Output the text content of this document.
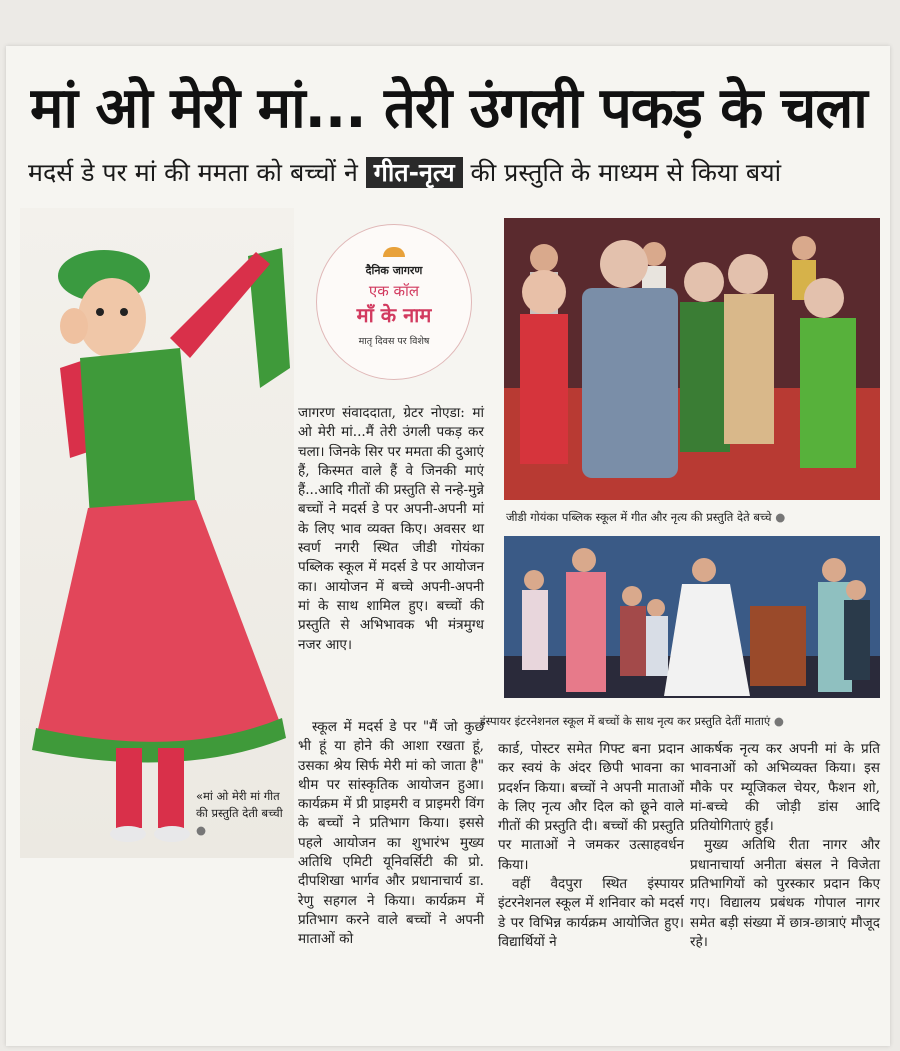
मां ओ मेरी मां... तेरी उंगली पकड़ के चला
मदर्स डे पर मां की ममता को बच्चों ने गीत-नृत्य की प्रस्तुति के माध्यम से किया बयां
«मां ओ मेरी मां गीत की प्रस्तुति देती बच्ची ●
दैनिक जागरण
एक कॉल
माँ के नाम
मातृ दिवस पर विशेष

जागरण संवाददाता, ग्रेटर नोएडा: मां ओ मेरी मां...मैं तेरी उंगली पकड़ कर चला। जिनके सिर पर ममता की दुआएं हैं, किस्मत वाले हैं वे जिनकी माएं हैं...आदि गीतों की प्रस्तुति से नन्हे-मुन्ने बच्चों ने मदर्स डे पर अपनी-अपनी मां के लिए भाव व्यक्त किए। अवसर था स्वर्ण नगरी स्थित जीडी गोयंका पब्लिक स्कूल में मदर्स डे पर आयोजन का। आयोजन में बच्चे अपनी-अपनी मां के साथ शामिल हुए। बच्चों की प्रस्तुति से अभिभावक भी मंत्रमुग्ध नजर आए।

स्कूल में मदर्स डे पर "मैं जो कुछ भी हूं या होने की आशा रखता हूं, उसका श्रेय सिर्फ मेरी मां को जाता है" थीम पर सांस्कृतिक आयोजन हुआ। कार्यक्रम में प्री प्राइमरी व प्राइमरी विंग के बच्चों ने प्रतिभाग किया। इससे पहले आयोजन का शुभारंभ मुख्य अतिथि एमिटी यूनिवर्सिटी की प्रो. दीपशिखा भार्गव और प्रधानाचार्य डा. रेणु सहगल ने किया। कार्यक्रम में प्रतिभाग करने वाले बच्चों ने अपनी माताओं को

कार्ड, पोस्टर समेत गिफ्ट बना प्रदान कर स्वयं के अंदर छिपी भावना का प्रदर्शन किया। बच्चों ने अपनी माताओं के लिए नृत्य और दिल को छूने वाले गीतों की प्रस्तुति दी। बच्चों की प्रस्तुति पर माताओं ने जमकर उत्साहवर्धन किया।

वहीं वैदपुरा स्थित इंस्पायर इंटरनेशनल स्कूल में शनिवार को मदर्स डे पर विभिन्न कार्यक्रम आयोजित हुए। विद्यार्थियों ने

आकर्षक नृत्य कर अपनी मां के प्रति भावनाओं को अभिव्यक्त किया। इस मौके पर म्यूजिकल चेयर, फैशन शो, मां-बच्चे की जोड़ी डांस आदि प्रतियोगिताएं हुईं।

मुख्य अतिथि रीता नागर और प्रधानाचार्या अनीता बंसल ने विजेता प्रतिभागियों को पुरस्कार प्रदान किए गए। विद्यालय प्रबंधक गोपाल नागर समेत बड़ी संख्या में छात्र-छात्राएं मौजूद रहे।

जीडी गोयंका पब्लिक स्कूल में गीत और नृत्य की प्रस्तुति देते बच्चे ●
इंस्पायर इंटरनेशनल स्कूल में बच्चों के साथ नृत्य कर प्रस्तुति देतीं माताएं ●
